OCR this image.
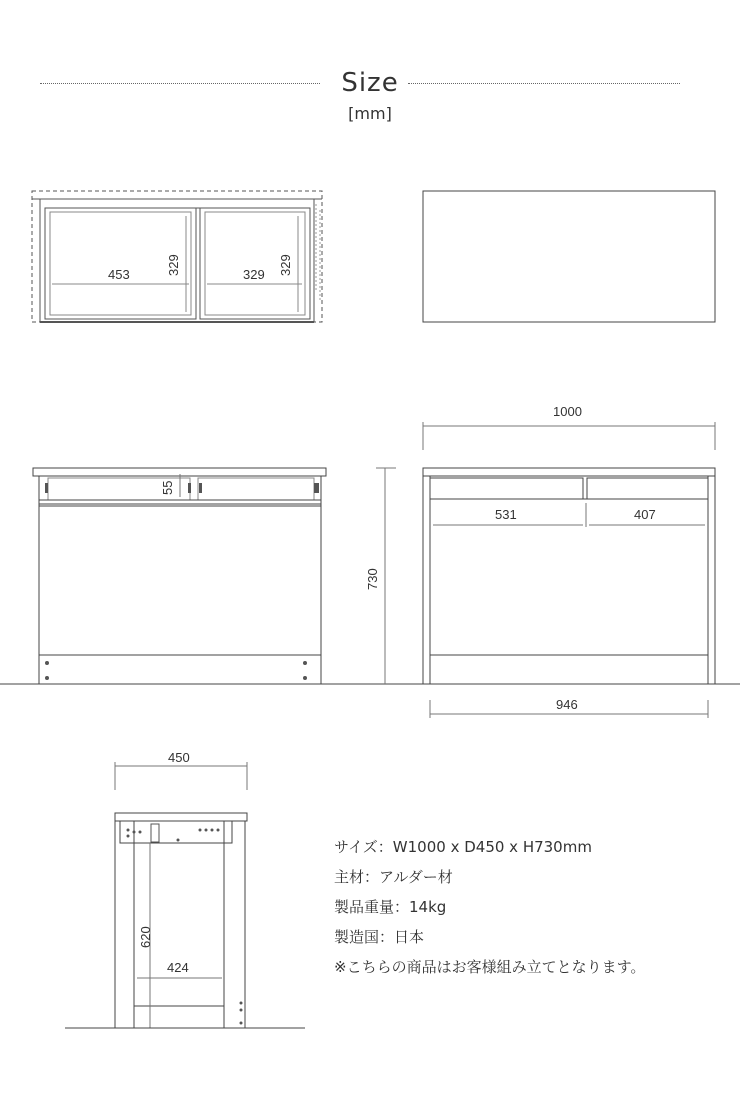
Size
[mm]
453	329	329 329
55
730
1000
531	407
946
450
620
424
サイズ：W1000 x D450 x H730mm
主材：アルダー材
製品重量：14kg
製造国：日本
※こちらの商品はお客様組み立てとなります。
